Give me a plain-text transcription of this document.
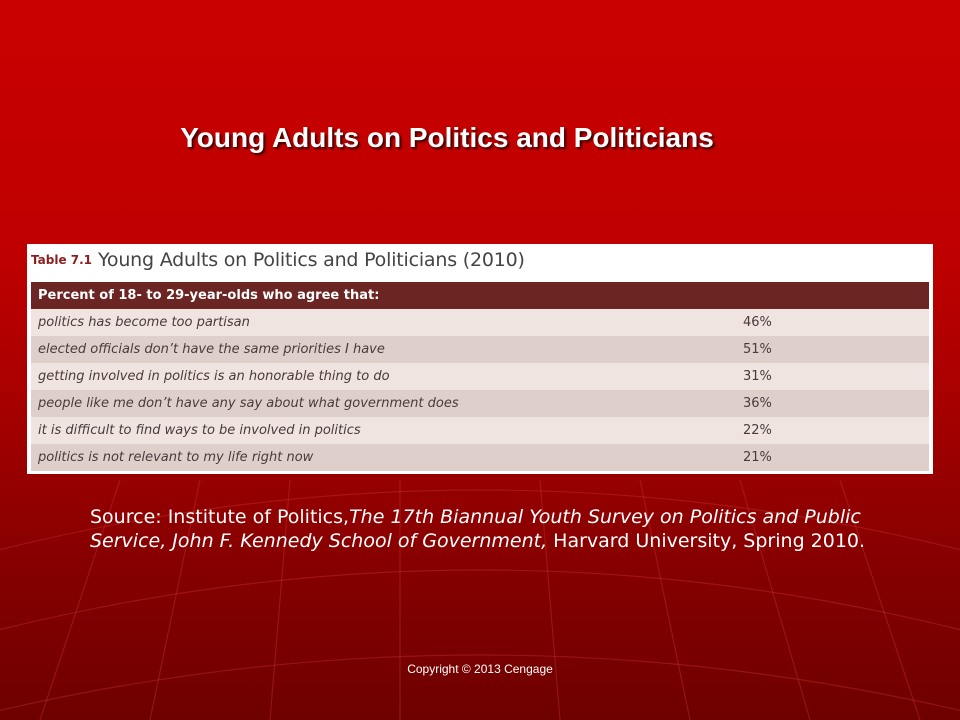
Young Adults on Politics and Politicians
Table 7.1 Young Adults on Politics and Politicians (2010)
Percent of 18- to 29-year-olds who agree that:	
politics has become too partisan	46%
elected officials don’t have the same priorities I have	51%
getting involved in politics is an honorable thing to do	31%
people like me don’t have any say about what government does	36%
it is difficult to find ways to be involved in politics	22%
politics is not relevant to my life right now	21%
Source: Institute of Politics,The 17th Biannual Youth Survey on Politics and Public Service, John F. Kennedy School of Government, Harvard University, Spring 2010.
Copyright © 2013 Cengage
